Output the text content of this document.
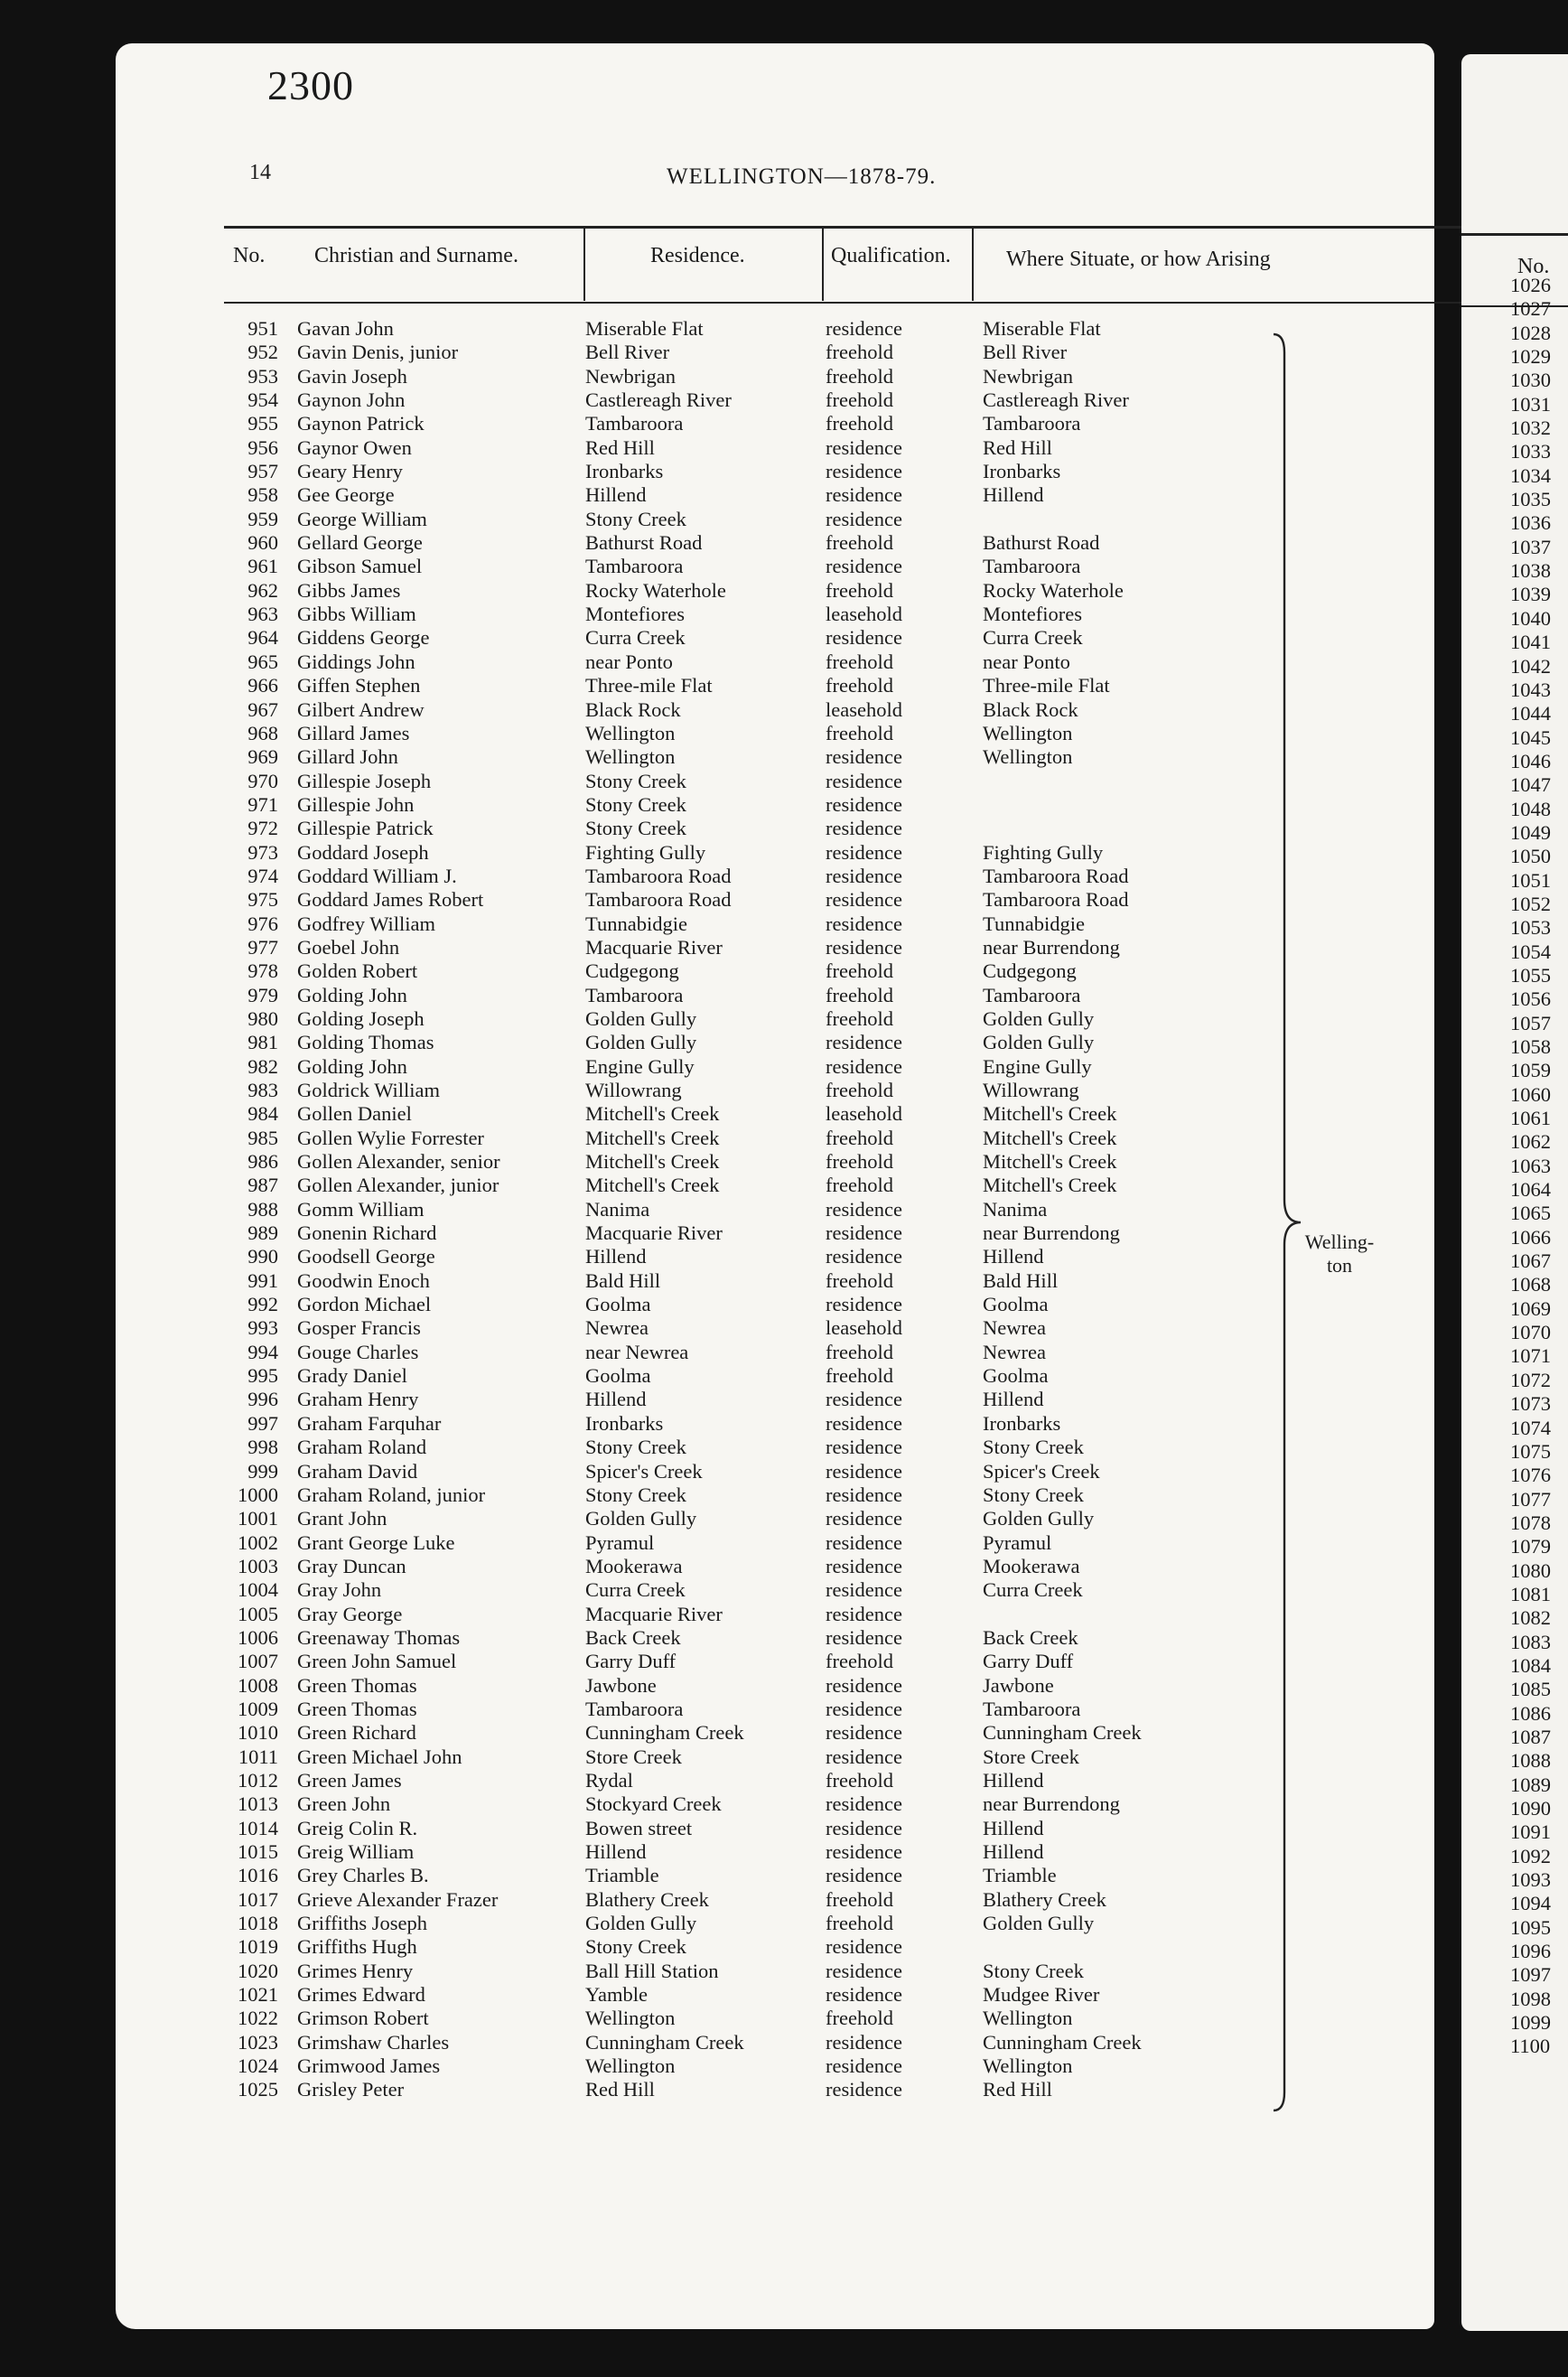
2300
14	WELLINGTON—1878-79.
No. Christian and Surname.	Residence.	Qualification.	Where Situate, or how Arising
951 Gavan John	Miserable Flat	residence	Miserable Flat
952 Gavin Denis, junior	Bell River	freehold	Bell River
953 Gavin Joseph	Newbrigan	freehold	Newbrigan
954 Gaynon John	Castlereagh River	freehold	Castlereagh River
955 Gaynon Patrick	Tambaroora	freehold	Tambaroora
956 Gaynor Owen	Red Hill	residence	Red Hill
957 Geary Henry	Ironbarks	residence	Ironbarks
958 Gee George	Hillend	residence	Hillend
959 George William	Stony Creek	residence
960 Gellard George	Bathurst Road	freehold	Bathurst Road
961 Gibson Samuel	Tambaroora	residence	Tambaroora
962 Gibbs James	Rocky Waterhole	freehold	Rocky Waterhole
963 Gibbs William	Montefiores	leasehold	Montefiores
964 Giddens George	Curra Creek	residence	Curra Creek
965 Giddings John	near Ponto	freehold	near Ponto
966 Giffen Stephen	Three-mile Flat	freehold	Three-mile Flat
967 Gilbert Andrew	Black Rock	leasehold	Black Rock
968 Gillard James	Wellington	freehold	Wellington
969 Gillard John	Wellington	residence	Wellington
970 Gillespie Joseph	Stony Creek	residence
971 Gillespie John	Stony Creek	residence
972 Gillespie Patrick	Stony Creek	residence
973 Goddard Joseph	Fighting Gully	residence	Fighting Gully
974 Goddard William J.	Tambaroora Road	residence	Tambaroora Road
975 Goddard James Robert	Tambaroora Road	residence	Tambaroora Road
976 Godfrey William	Tunnabidgie	residence	Tunnabidgie
977 Goebel John	Macquarie River	residence	near Burrendong
978 Golden Robert	Cudgegong	freehold	Cudgegong
979 Golding John	Tambaroora	freehold	Tambaroora
980 Golding Joseph	Golden Gully	freehold	Golden Gully
981 Golding Thomas	Golden Gully	residence	Golden Gully
982 Golding John	Engine Gully	residence	Engine Gully
983 Goldrick William	Willowrang	freehold	Willowrang
984 Gollen Daniel	Mitchell's Creek	leasehold	Mitchell's Creek
985 Gollen Wylie Forrester	Mitchell's Creek	freehold	Mitchell's Creek
986 Gollen Alexander, senior	Mitchell's Creek	freehold	Mitchell's Creek
987 Gollen Alexander, junior	Mitchell's Creek	freehold	Mitchell's Creek
988 Gomm William	Nanima	residence	Nanima
989 Gonenin Richard	Macquarie River	residence	near Burrendong
990 Goodsell George	Hillend	residence	Hillend
991 Goodwin Enoch	Bald Hill	freehold	Bald Hill
992 Gordon Michael	Goolma	residence	Goolma
993 Gosper Francis	Newrea	leasehold	Newrea
994 Gouge Charles	near Newrea	freehold	Newrea
995 Grady Daniel	Goolma	freehold	Goolma
996 Graham Henry	Hillend	residence	Hillend
997 Graham Farquhar	Ironbarks	residence	Ironbarks
998 Graham Roland	Stony Creek	residence	Stony Creek
999 Graham David	Spicer's Creek	residence	Spicer's Creek
1000 Graham Roland, junior	Stony Creek	residence	Stony Creek
1001 Grant John	Golden Gully	residence	Golden Gully
1002 Grant George Luke	Pyramul	residence	Pyramul
1003 Gray Duncan	Mookerawa	residence	Mookerawa
1004 Gray John	Curra Creek	residence	Curra Creek
1005 Gray George	Macquarie River	residence
1006 Greenaway Thomas	Back Creek	residence	Back Creek
1007 Green John Samuel	Garry Duff	freehold	Garry Duff
1008 Green Thomas	Jawbone	residence	Jawbone
1009 Green Thomas	Tambaroora	residence	Tambaroora
1010 Green Richard	Cunningham Creek	residence	Cunningham Creek
1011 Green Michael John	Store Creek	residence	Store Creek
1012 Green James	Rydal	freehold	Hillend
1013 Green John	Stockyard Creek	residence	near Burrendong
1014 Greig Colin R.	Bowen street	residence	Hillend
1015 Greig William	Hillend	residence	Hillend
1016 Grey Charles B.	Triamble	residence	Triamble
1017 Grieve Alexander Frazer	Blathery Creek	freehold	Blathery Creek
1018 Griffiths Joseph	Golden Gully	freehold	Golden Gully
1019 Griffiths Hugh	Stony Creek	residence
1020 Grimes Henry	Ball Hill Station	residence	Stony Creek
1021 Grimes Edward	Yamble	residence	Mudgee River
1022 Grimson Robert	Wellington	freehold	Wellington
1023 Grimshaw Charles	Cunningham Creek	residence	Cunningham Creek
1024 Grimwood James	Wellington	residence	Wellington
1025 Grisley Peter	Red Hill	residence	Red Hill
Welling-
ton
No.
1026
1027
1028
1029
1030
1031
1032
1033
1034
1035
1036
1037
1038
1039
1040
1041
1042
1043
1044
1045
1046
1047
1048
1049
1050
1051
1052
1053
1054
1055
1056
1057
1058
1059
1060
1061
1062
1063
1064
1065
1066
1067
1068
1069
1070
1071
1072
1073
1074
1075
1076
1077
1078
1079
1080
1081
1082
1083
1084
1085
1086
1087
1088
1089
1090
1091
1092
1093
1094
1095
1096
1097
1098
1099
1100
